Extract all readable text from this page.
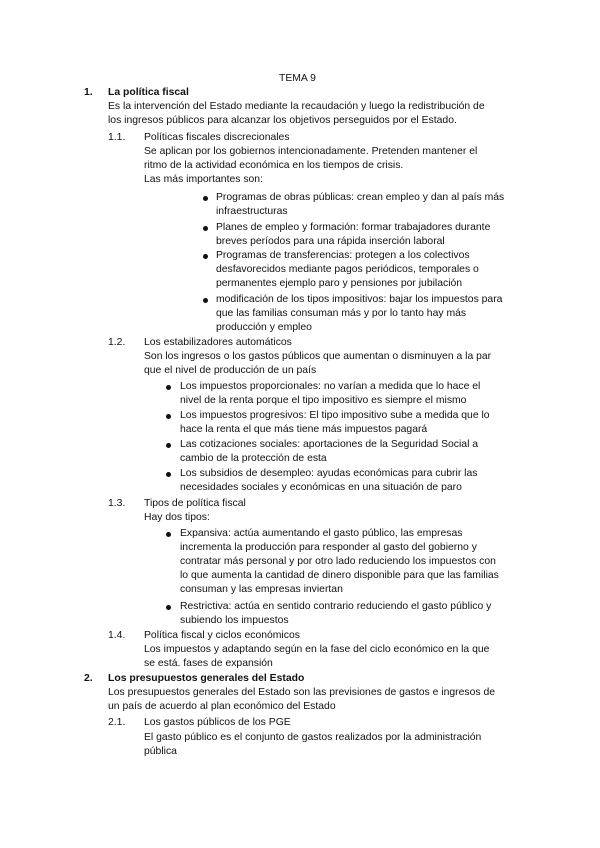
TEMA 9
1. La política fiscal
Es la intervención del Estado mediante la recaudación y luego la redistribución de
los ingresos públicos para alcanzar los objetivos perseguidos por el Estado.
1.1. Políticas fiscales discrecionales
Se aplican por los gobiernos intencionadamente. Pretenden mantener el
ritmo de la actividad económica en los tiempos de crisis.
Las más importantes son:
Programas de obras públicas: crean empleo y dan al país más
infraestructuras
Planes de empleo y formación: formar trabajadores durante
breves períodos para una rápida inserción laboral
Programas de transferencias: protegen a los colectivos
desfavorecidos mediante pagos periódicos, temporales o
permanentes ejemplo paro y pensiones por jubilación
modificación de los tipos impositivos: bajar los impuestos para
que las familias consuman más y por lo tanto hay más
producción y empleo
1.2. Los estabilizadores automáticos
Son los ingresos o los gastos públicos que aumentan o disminuyen a la par
que el nivel de producción de un país
Los impuestos proporcionales: no varían a medida que lo hace el
nivel de la renta porque el tipo impositivo es siempre el mismo
Los impuestos progresivos: El tipo impositivo sube a medida que lo
hace la renta el que más tiene más impuestos pagará
Las cotizaciones sociales: aportaciones de la Seguridad Social a
cambio de la protección de esta
Los subsidios de desempleo: ayudas económicas para cubrir las
necesidades sociales y económicas en una situación de paro
1.3. Tipos de política fiscal
Hay dos tipos:
Expansiva: actúa aumentando el gasto público, las empresas
incrementa la producción para responder al gasto del gobierno y
contratar más personal y por otro lado reduciendo los impuestos con
lo que aumenta la cantidad de dinero disponible para que las familias
consuman y las empresas inviertan
Restrictiva: actúa en sentido contrario reduciendo el gasto público y
subiendo los impuestos
1.4. Política fiscal y ciclos económicos
Los impuestos y adaptando según en la fase del ciclo económico en la que
se está. fases de expansión
2. Los presupuestos generales del Estado
Los presupuestos generales del Estado son las previsiones de gastos e ingresos de
un país de acuerdo al plan económico del Estado
2.1. Los gastos públicos de los PGE
El gasto público es el conjunto de gastos realizados por la administración
pública
